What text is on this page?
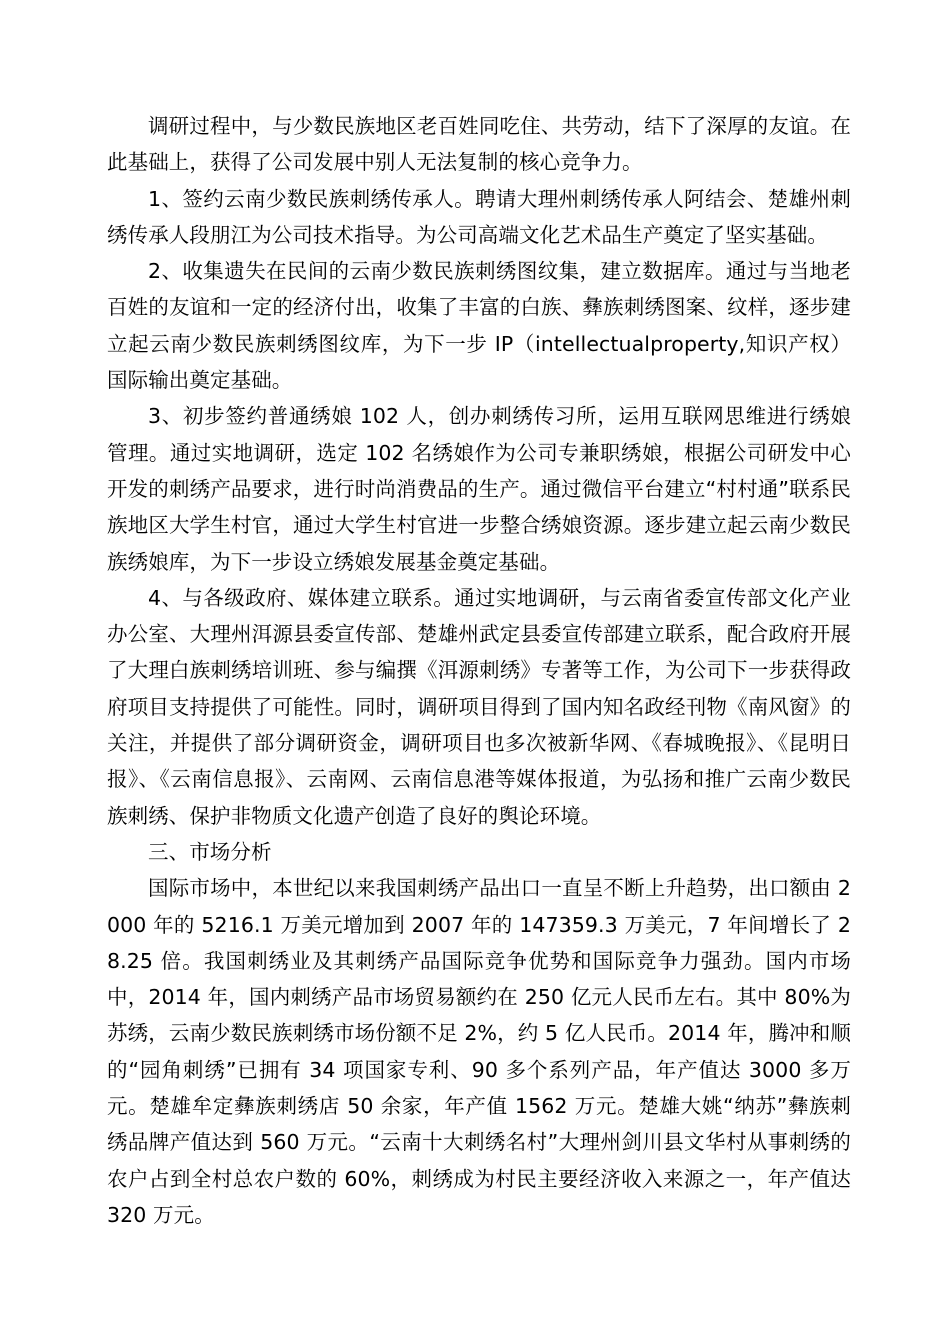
调研过程中，与少数民族地区老百姓同吃住、共劳动，结下了深厚的友谊。在此基础上，获得了公司发展中别人无法复制的核心竞争力。

1、签约云南少数民族刺绣传承人。聘请大理州刺绣传承人阿结会、楚雄州刺绣传承人段朋江为公司技术指导。为公司高端文化艺术品生产奠定了坚实基础。

2、收集遗失在民间的云南少数民族刺绣图纹集，建立数据库。通过与当地老百姓的友谊和一定的经济付出，收集了丰富的白族、彝族刺绣图案、纹样，逐步建立起云南少数民族刺绣图纹库，为下一步 IP（intellectualproperty,知识产权）国际输出奠定基础。

3、初步签约普通绣娘 102 人，创办刺绣传习所，运用互联网思维进行绣娘管理。通过实地调研，选定 102 名绣娘作为公司专兼职绣娘，根据公司研发中心开发的刺绣产品要求，进行时尚消费品的生产。通过微信平台建立“村村通”联系民族地区大学生村官，通过大学生村官进一步整合绣娘资源。逐步建立起云南少数民族绣娘库，为下一步设立绣娘发展基金奠定基础。

4、与各级政府、媒体建立联系。通过实地调研，与云南省委宣传部文化产业办公室、大理州洱源县委宣传部、楚雄州武定县委宣传部建立联系，配合政府开展了大理白族刺绣培训班、参与编撰《洱源刺绣》专著等工作，为公司下一步获得政府项目支持提供了可能性。同时，调研项目得到了国内知名政经刊物《南风窗》的关注，并提供了部分调研资金，调研项目也多次被新华网、《春城晚报》、《昆明日报》、《云南信息报》、云南网、云南信息港等媒体报道，为弘扬和推广云南少数民族刺绣、保护非物质文化遗产创造了良好的舆论环境。

三、市场分析

国际市场中，本世纪以来我国刺绣产品出口一直呈不断上升趋势，出口额由 2000 年的 5216.1 万美元增加到 2007 年的 147359.3 万美元，7 年间增长了 28.25 倍。我国刺绣业及其刺绣产品国际竞争优势和国际竞争力强劲。国内市场中，2014 年，国内刺绣产品市场贸易额约在 250 亿元人民币左右。其中 80%为苏绣，云南少数民族刺绣市场份额不足 2%，约 5 亿人民币。2014 年，腾冲和顺的“园角刺绣”已拥有 34 项国家专利、90 多个系列产品，年产值达 3000 多万元。楚雄牟定彝族刺绣店 50 余家，年产值 1562 万元。楚雄大姚“纳苏”彝族刺绣品牌产值达到 560 万元。“云南十大刺绣名村”大理州剑川县文华村从事刺绣的农户占到全村总农户数的 60%，刺绣成为村民主要经济收入来源之一，年产值达 320 万元。
